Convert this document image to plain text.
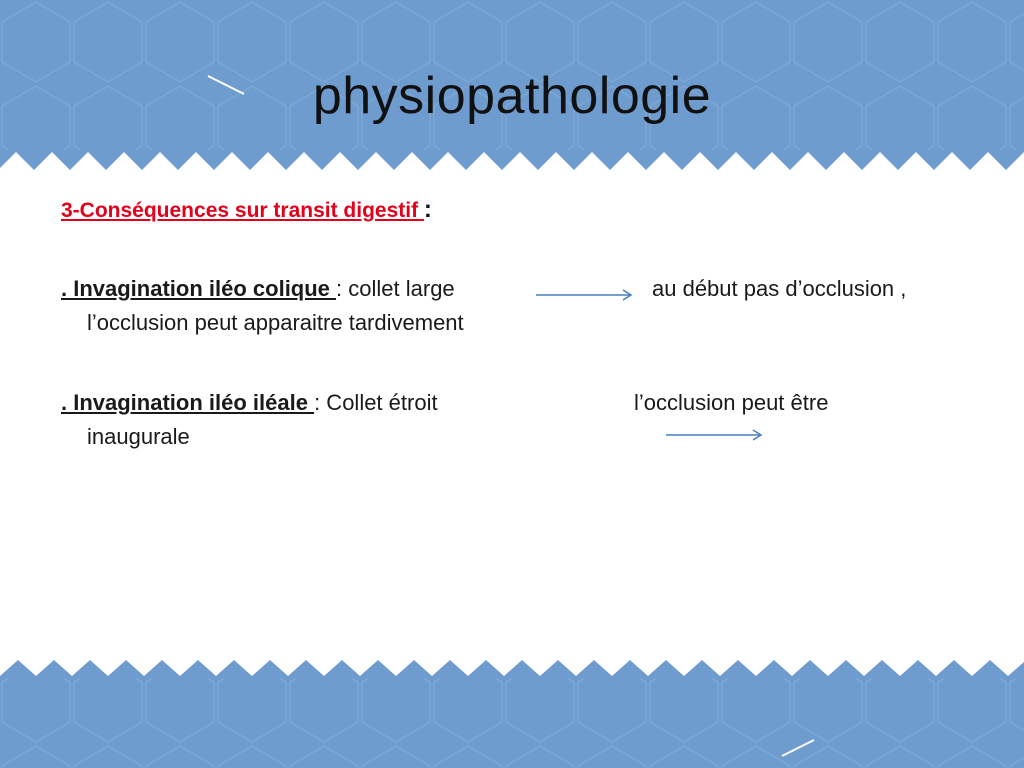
physiopathologie
3-Conséquences sur transit digestif :
. Invagination iléo colique : collet large	au début pas d’occlusion ,
l’occlusion peut apparaitre tardivement
. Invagination iléo iléale : Collet étroit	l’occlusion peut être
inaugurale
